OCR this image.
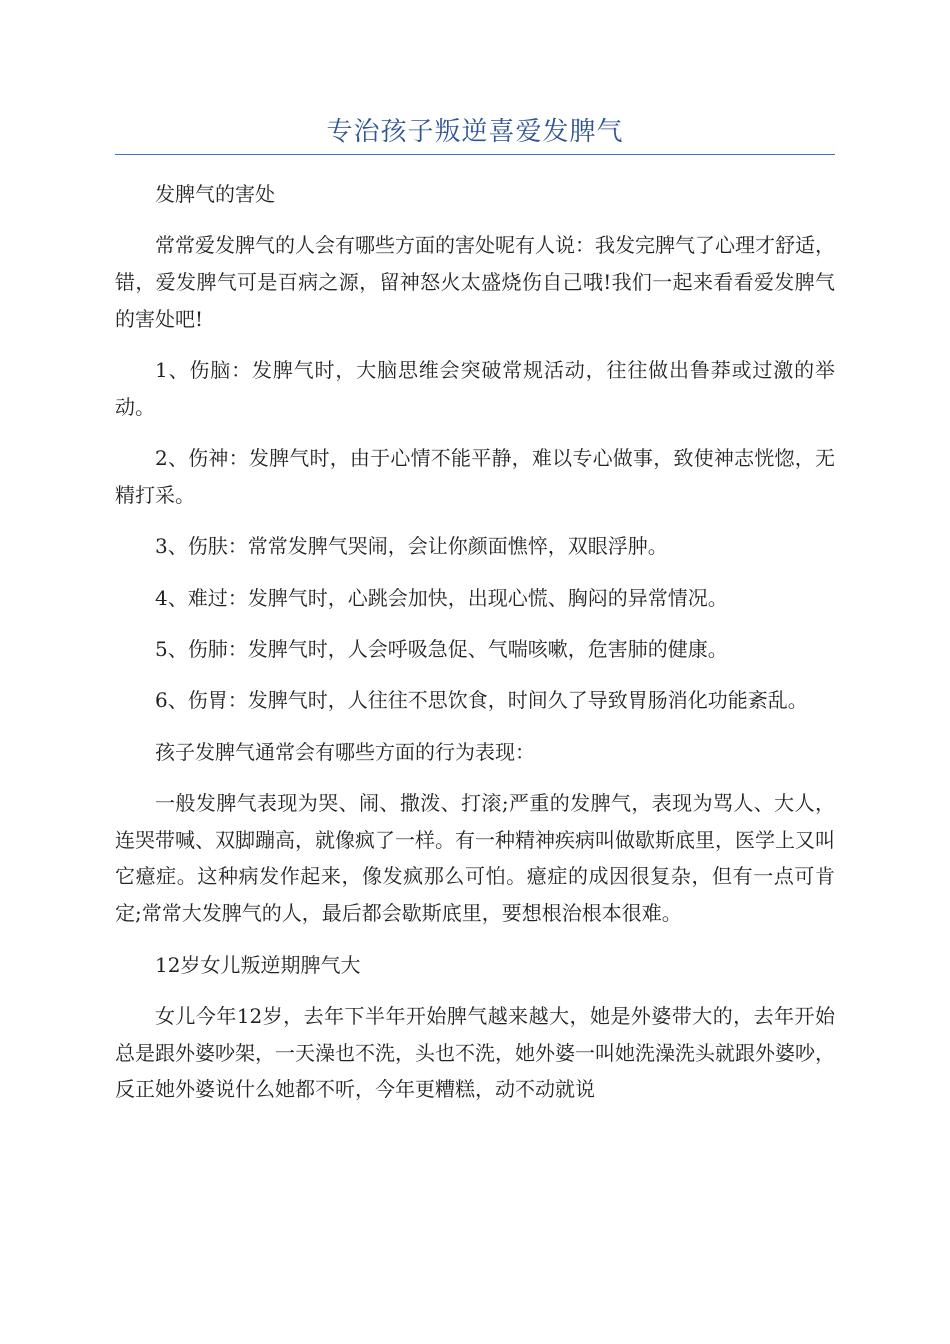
专治孩子叛逆喜爱发脾气

发脾气的害处

常常爱发脾气的人会有哪些方面的害处呢有人说：我发完脾气了心理才舒适，错，爱发脾气可是百病之源，留神怒火太盛烧伤自己哦!我们一起来看看爱发脾气的害处吧!

1、伤脑：发脾气时，大脑思维会突破常规活动，往往做出鲁莽或过激的举动。

2、伤神：发脾气时，由于心情不能平静，难以专心做事，致使神志恍惚，无精打采。

3、伤肤：常常发脾气哭闹，会让你颜面憔悴，双眼浮肿。

4、难过：发脾气时，心跳会加快，出现心慌、胸闷的异常情况。

5、伤肺：发脾气时，人会呼吸急促、气喘咳嗽，危害肺的健康。

6、伤胃：发脾气时，人往往不思饮食，时间久了导致胃肠消化功能紊乱。

孩子发脾气通常会有哪些方面的行为表现：

一般发脾气表现为哭、闹、撒泼、打滚;严重的发脾气，表现为骂人、大人，连哭带喊、双脚蹦高，就像疯了一样。有一种精神疾病叫做歇斯底里，医学上又叫它癔症。这种病发作起来，像发疯那么可怕。癔症的成因很复杂，但有一点可肯定;常常大发脾气的人，最后都会歇斯底里，要想根治根本很难。

12岁女儿叛逆期脾气大

女儿今年12岁，去年下半年开始脾气越来越大，她是外婆带大的，去年开始总是跟外婆吵架，一天澡也不洗，头也不洗，她外婆一叫她洗澡洗头就跟外婆吵，反正她外婆说什么她都不听，今年更糟糕，动不动就说
